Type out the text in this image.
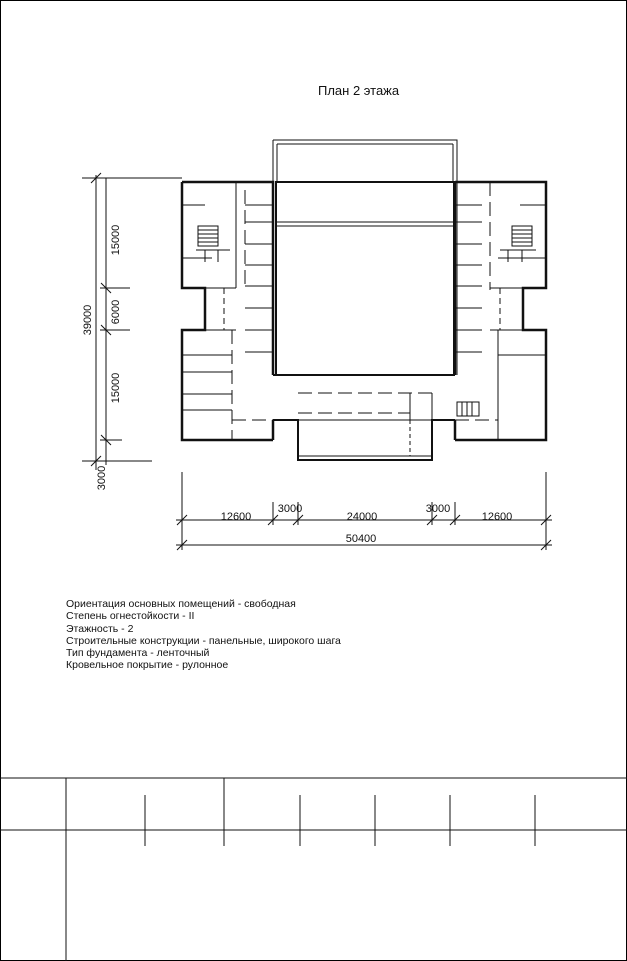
План 2 этажа
39000
15000
6000
15000
3000
12600
3000
24000
3000
12600
50400
Ориентация основных помещений - свободная
Степень огнестойкости - II
Этажность - 2
Строительные конструкции - панельные, широкого шага
Тип фундамента - ленточный
Кровельное покрытие - рулонное
